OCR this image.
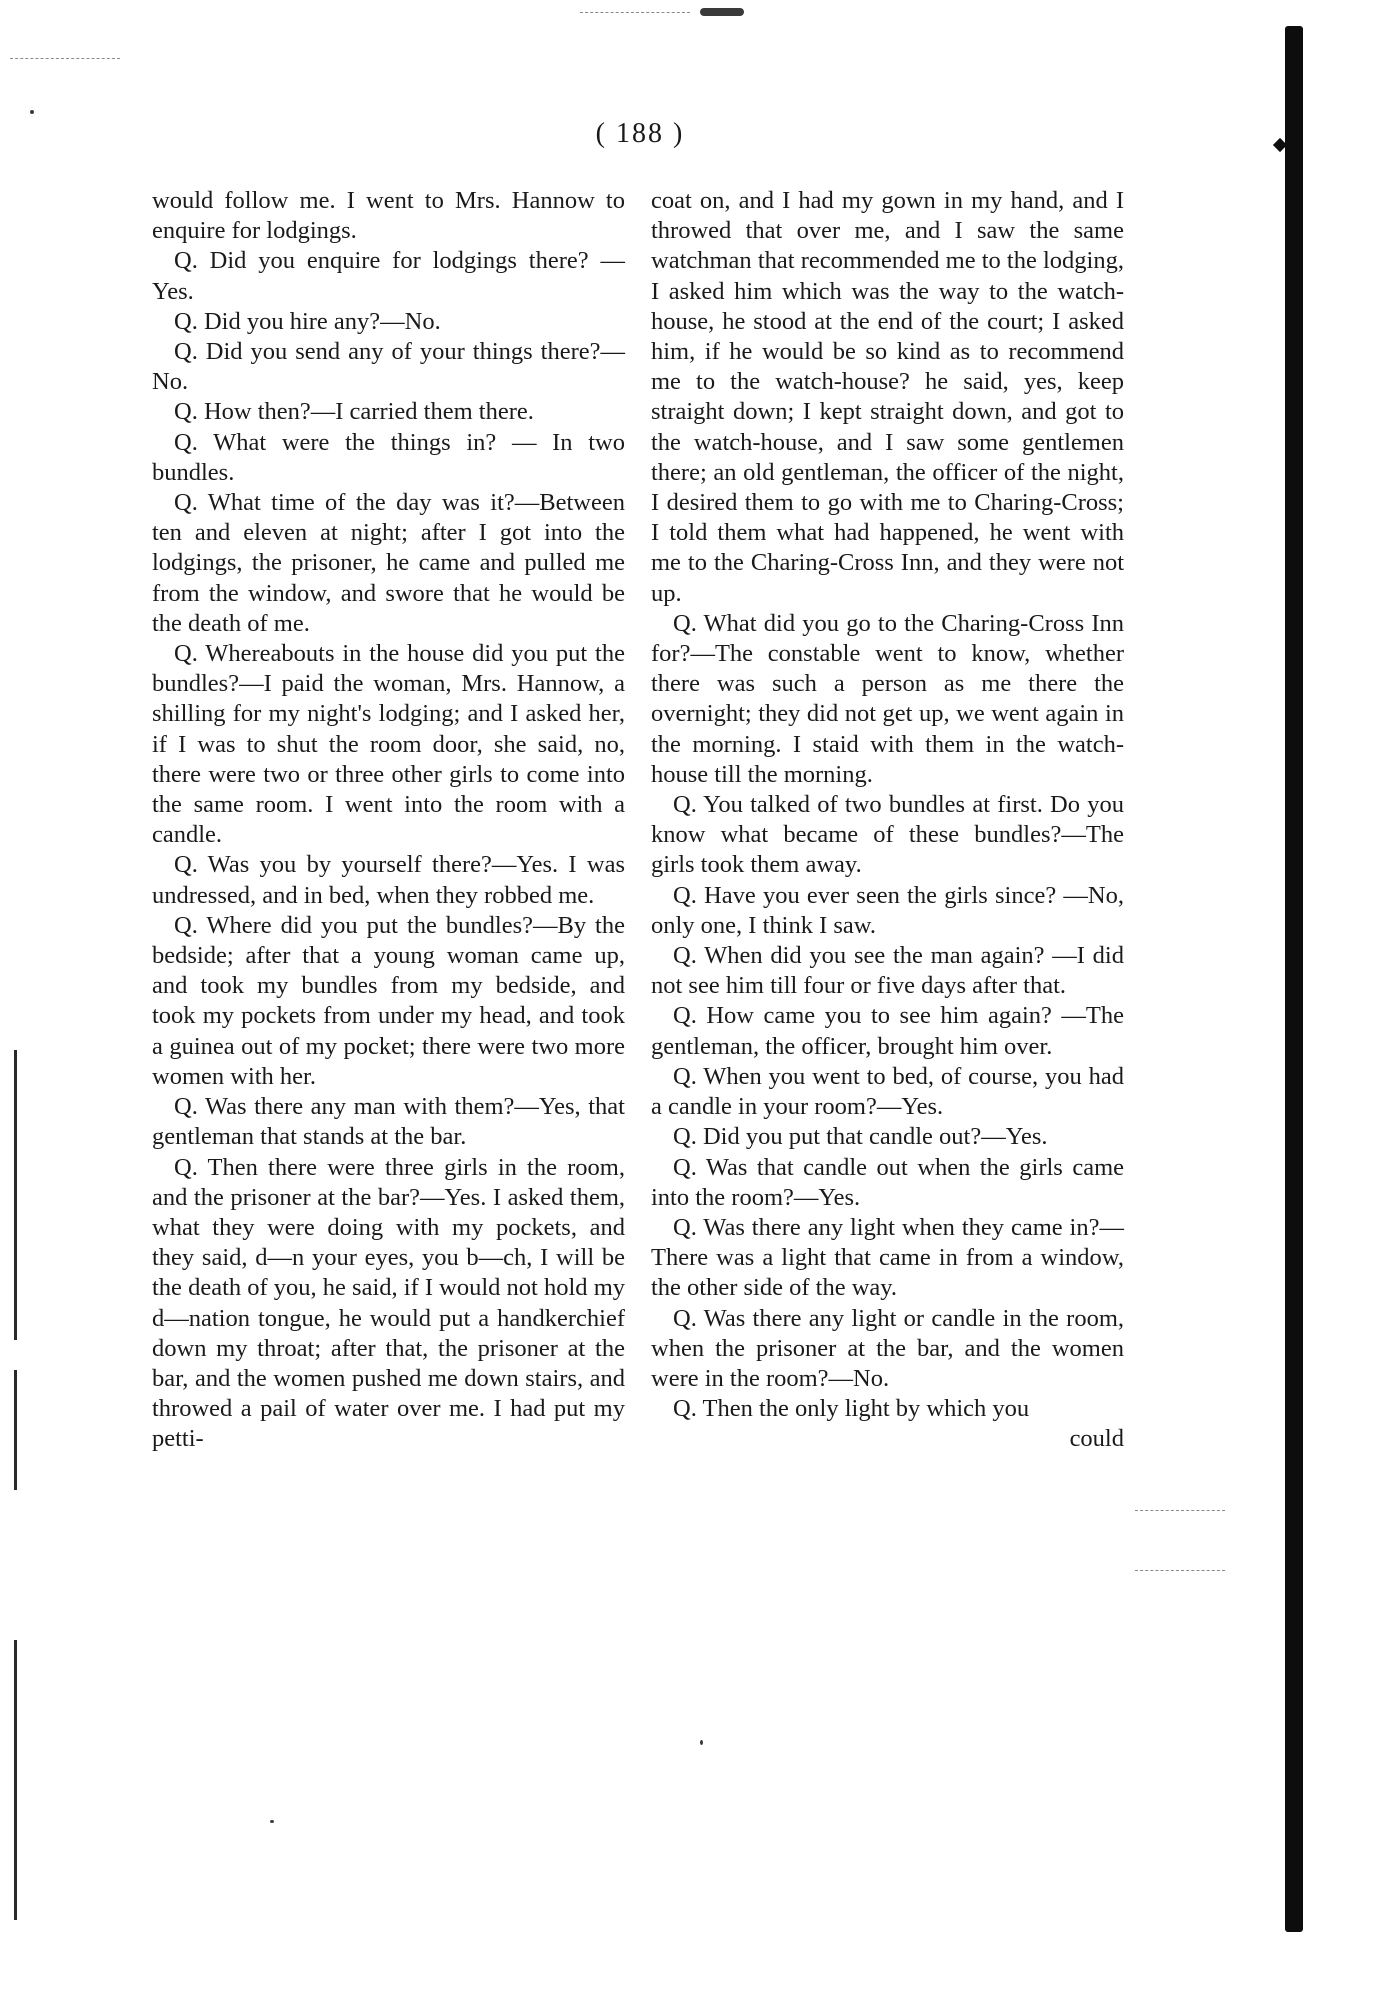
( 188 )

would follow me. I went to Mrs. Hannow to enquire for lodgings.

Q. Did you enquire for lodgings there? —Yes.

Q. Did you hire any?—No.

Q. Did you send any of your things there?—No.

Q. How then?—I carried them there.

Q. What were the things in? — In two bundles.

Q. What time of the day was it?—Between ten and eleven at night; after I got into the lodgings, the prisoner, he came and pulled me from the window, and swore that he would be the death of me.

Q. Whereabouts in the house did you put the bundles?—I paid the woman, Mrs. Hannow, a shilling for my night's lodging; and I asked her, if I was to shut the room door, she said, no, there were two or three other girls to come into the same room. I went into the room with a candle.

Q. Was you by yourself there?—Yes. I was undressed, and in bed, when they robbed me.

Q. Where did you put the bundles?—By the bedside; after that a young woman came up, and took my bundles from my bedside, and took my pockets from under my head, and took a guinea out of my pocket; there were two more women with her.

Q. Was there any man with them?—Yes, that gentleman that stands at the bar.

Q. Then there were three girls in the room, and the prisoner at the bar?—Yes. I asked them, what they were doing with my pockets, and they said, d—n your eyes, you b—ch, I will be the death of you, he said, if I would not hold my d—nation tongue, he would put a handkerchief down my throat; after that, the prisoner at the bar, and the women pushed me down stairs, and throwed a pail of water over me. I had put my petti-

coat on, and I had my gown in my hand, and I throwed that over me, and I saw the same watchman that recommended me to the lodging, I asked him which was the way to the watch-house, he stood at the end of the court; I asked him, if he would be so kind as to recommend me to the watch-house? he said, yes, keep straight down; I kept straight down, and got to the watch-house, and I saw some gentlemen there; an old gentleman, the officer of the night, I desired them to go with me to Charing-Cross; I told them what had happened, he went with me to the Charing-Cross Inn, and they were not up.

Q. What did you go to the Charing-Cross Inn for?—The constable went to know, whether there was such a person as me there the overnight; they did not get up, we went again in the morning. I staid with them in the watch-house till the morning.

Q. You talked of two bundles at first. Do you know what became of these bundles?—The girls took them away.

Q. Have you ever seen the girls since? —No, only one, I think I saw.

Q. When did you see the man again? —I did not see him till four or five days after that.

Q. How came you to see him again? —The gentleman, the officer, brought him over.

Q. When you went to bed, of course, you had a candle in your room?—Yes.

Q. Did you put that candle out?—Yes.

Q. Was that candle out when the girls came into the room?—Yes.

Q. Was there any light when they came in?—There was a light that came in from a window, the other side of the way.

Q. Was there any light or candle in the room, when the prisoner at the bar, and the women were in the room?—No.

Q. Then the only light by which you

could
